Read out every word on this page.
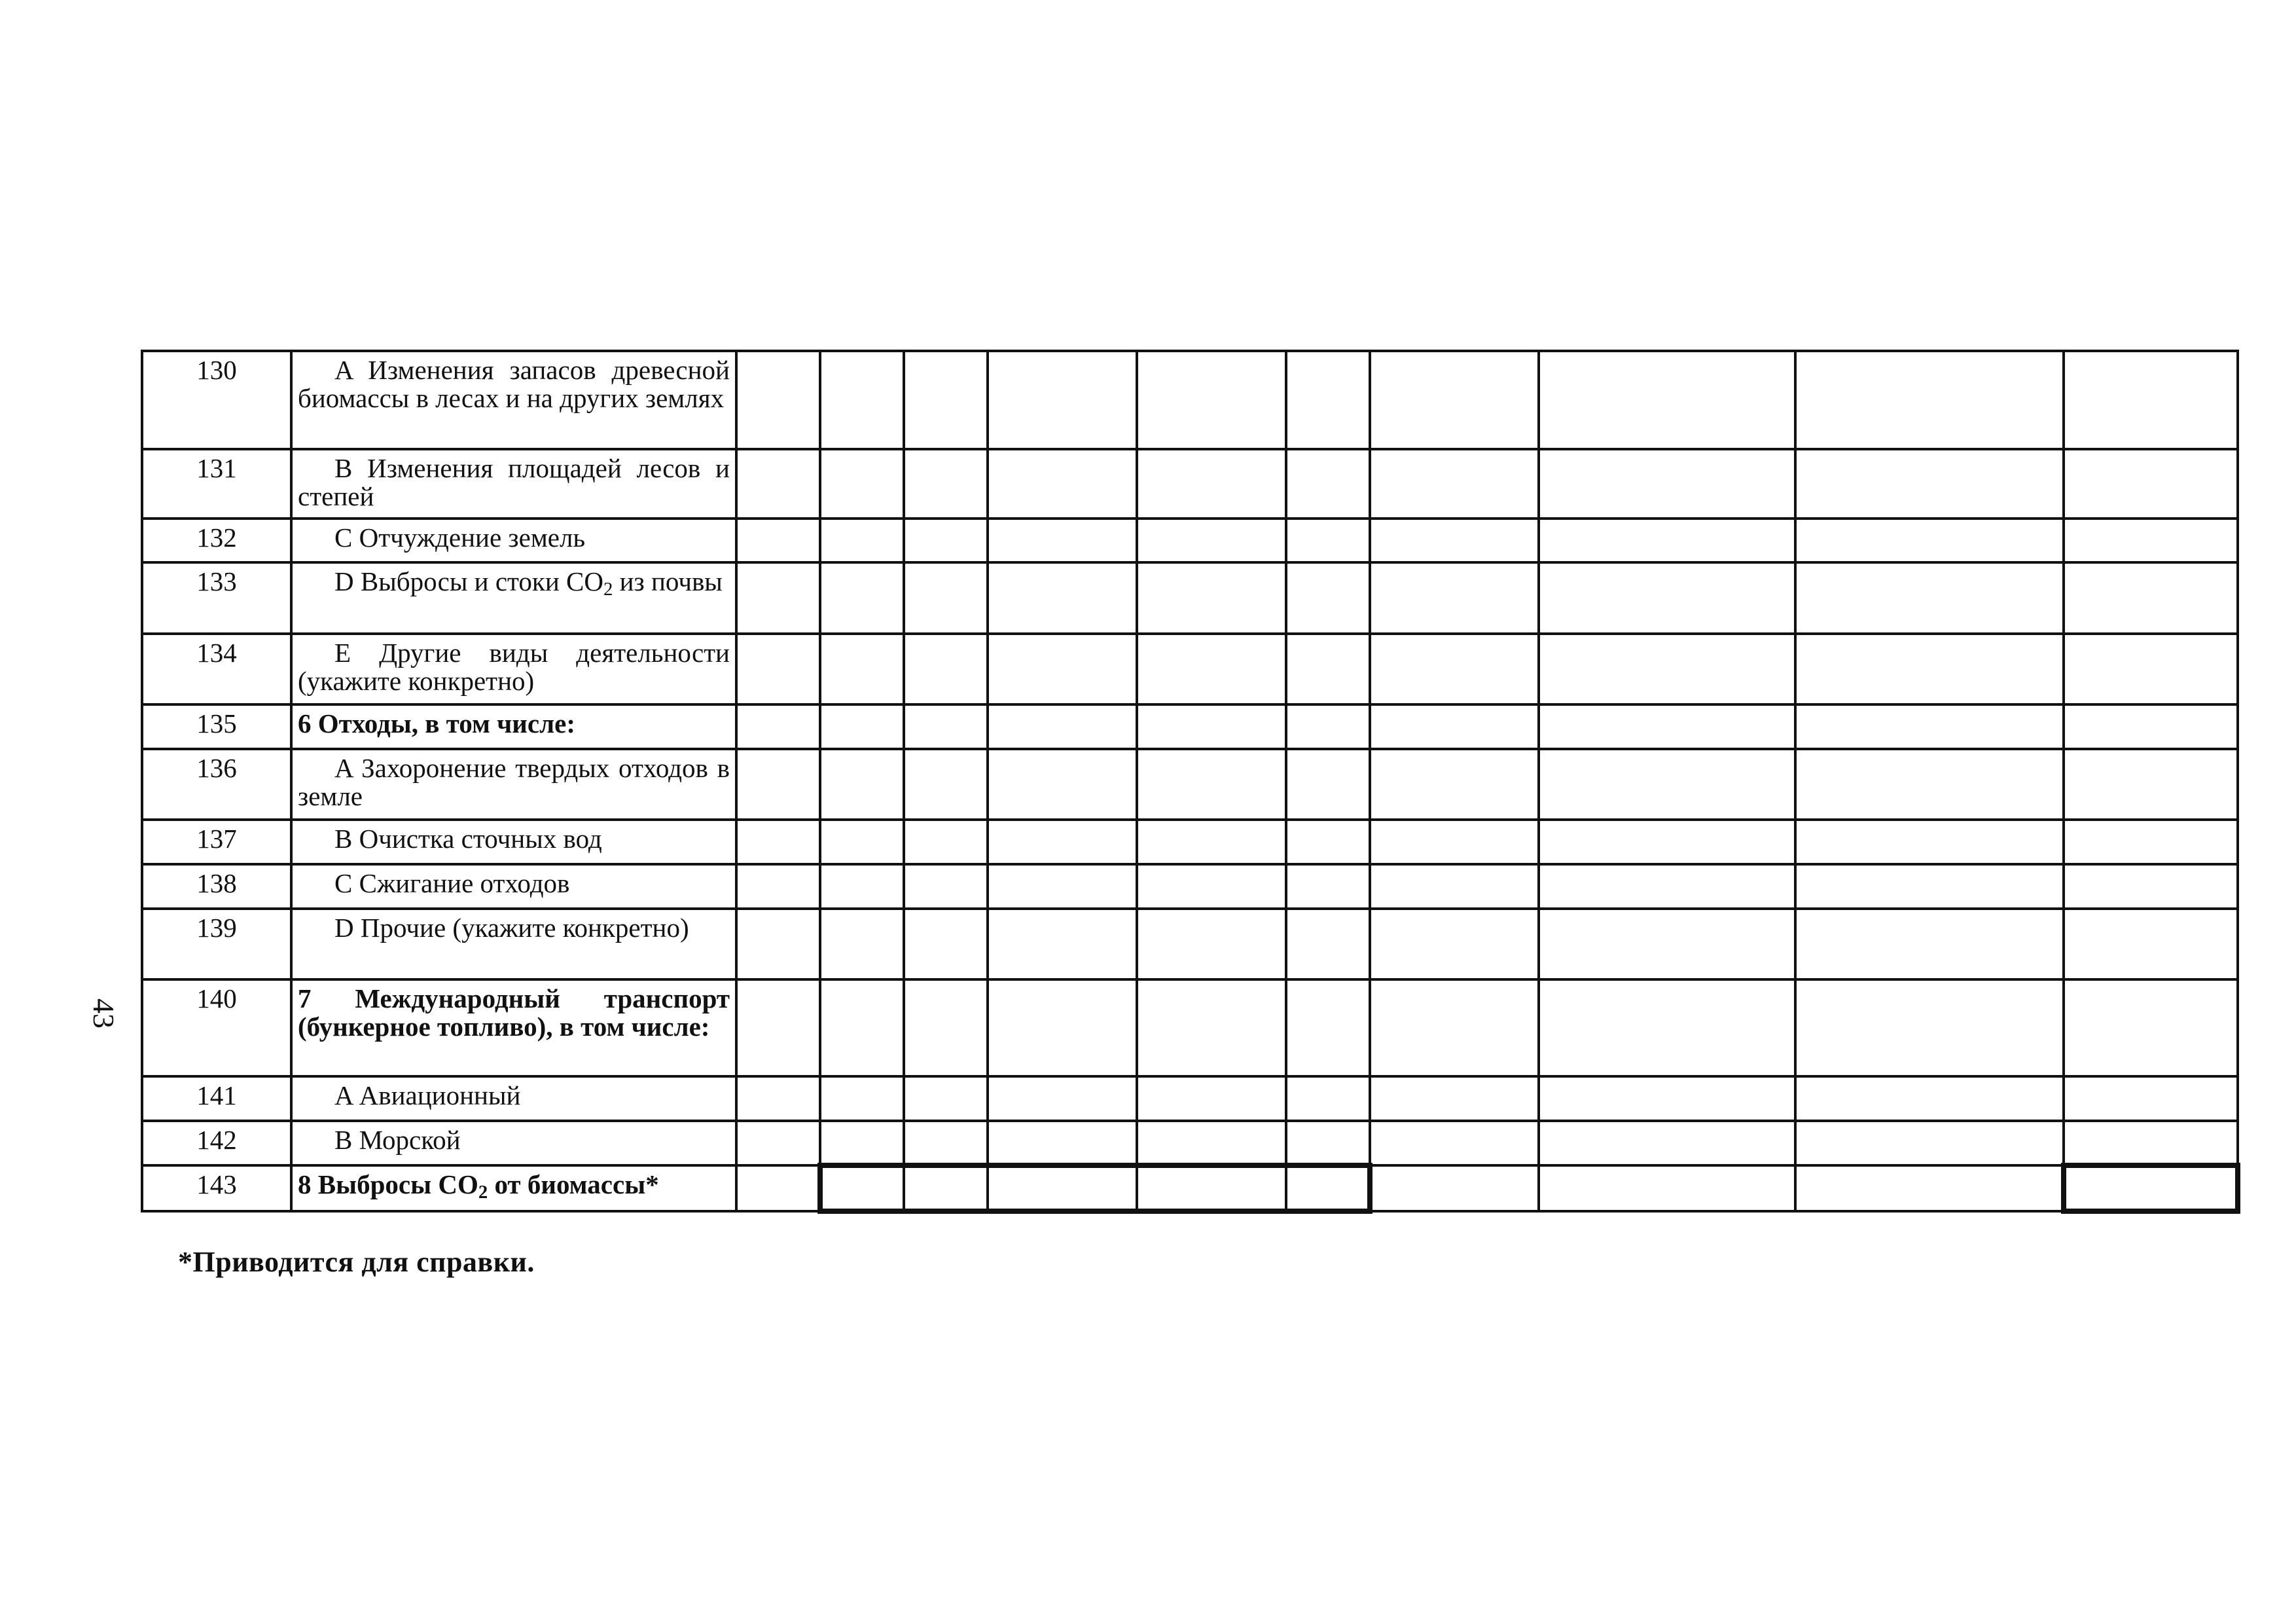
43
130	A Изменения запасов древесной биомассы в лесах и на других землях										
131	B Изменения площадей лесов и степей										
132	C Отчуждение земель										
133	D Выбросы и стоки $CO_2$ из почвы										
134	E Другие виды деятельности (укажите конкретно)										
135	6 Отходы, в том числе:										
136	A Захоронение твердых отходов в земле										
137	B Очистка сточных вод										
138	C Сжигание отходов										
139	D Прочие (укажите конкретно)										
140	7 Международный транспорт (бункерное топливо), в том числе:										
141	A Авиационный										
142	B Морской										
143	8 Выбросы $CO_2$ от биомассы*										
*Приводится для справки.
